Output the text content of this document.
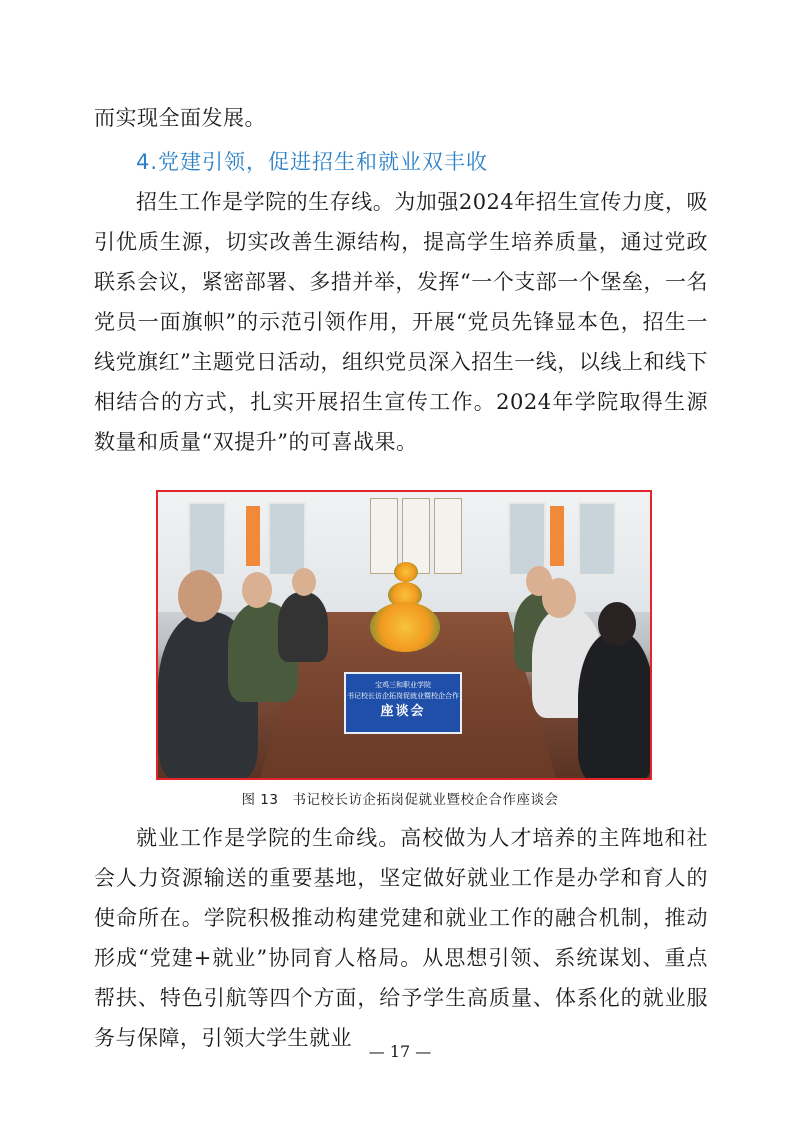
而实现全面发展。

4.党建引领，促进招生和就业双丰收

招生工作是学院的生存线。为加强2024年招生宣传力度，吸引优质生源，切实改善生源结构，提高学生培养质量，通过党政联系会议，紧密部署、多措并举，发挥“一个支部一个堡垒，一名党员一面旗帜”的示范引领作用，开展“党员先锋显本色，招生一线党旗红”主题党日活动，组织党员深入招生一线，以线上和线下相结合的方式，扎实开展招生宣传工作。2024年学院取得生源数量和质量“双提升”的可喜战果。

宝鸡三和职业学院
书记校长访企拓岗促就业暨校企合作
座谈会
图 13　书记校长访企拓岗促就业暨校企合作座谈会

就业工作是学院的生命线。高校做为人才培养的主阵地和社会人力资源输送的重要基地，坚定做好就业工作是办学和育人的使命所在。学院积极推动构建党建和就业工作的融合机制，推动形成“党建+就业”协同育人格局。从思想引领、系统谋划、重点帮扶、特色引航等四个方面，给予学生高质量、体系化的就业服务与保障，引领大学生就业

— 17 —
